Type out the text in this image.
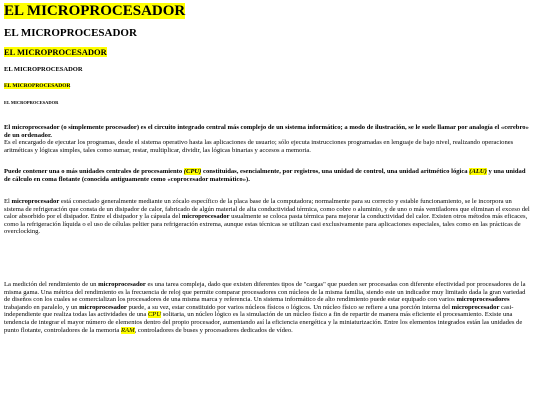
EL MICROPROCESADOR
EL MICROPROCESADOR
EL MICROPROCESADOR
EL MICROPROCESADOR
EL MICROPROCESADOR
EL MICROPROCESADOR

El microprocesador (o simplemente procesador) es el circuito integrado central más complejo de un sistema informático; a modo de ilustración, se le suele llamar por analogía el «cerebro» de un ordenador.
Es el encargado de ejecutar los programas, desde el sistema operativo hasta las aplicaciones de usuario; sólo ejecuta instrucciones programadas en lenguaje de bajo nivel, realizando operaciones aritméticas y lógicas simples, tales como sumar, restar, multiplicar, dividir, las lógicas binarias y accesos a memoria.

Puede contener una o más unidades centrales de procesamiento (CPU) constituidas, esencialmente, por registros, una unidad de control, una unidad aritmético lógica (ALU) y una unidad de cálculo en coma flotante (conocida antiguamente como «coprocesador matemático»).

El microprocesador está conectado generalmente mediante un zócalo específico de la placa base de la computadora; normalmente para su correcto y estable funcionamiento, se le incorpora un sistema de refrigeración que consta de un disipador de calor, fabricado de algún material de alta conductividad térmica, como cobre o aluminio, y de uno o más ventiladores que eliminan el exceso del calor absorbido por el disipador. Entre el disipador y la cápsula del microprocesador usualmente se coloca pasta térmica para mejorar la conductividad del calor. Existen otros métodos más eficaces, como la refrigeración líquida o el uso de células peltier para refrigeración extrema, aunque estas técnicas se utilizan casi exclusivamente para aplicaciones especiales, tales como en las prácticas de overclocking.

La medición del rendimiento de un microprocesador es una tarea compleja, dado que existen diferentes tipos de "cargas" que pueden ser procesadas con diferente efectividad por procesadores de la misma gama. Una métrica del rendimiento es la frecuencia de reloj que permite comparar procesadores con núcleos de la misma familia, siendo este un indicador muy limitado dada la gran variedad de diseños con los cuales se comercializan los procesadores de una misma marca y referencia. Un sistema informático de alto rendimiento puede estar equipado con varios microprocesadores trabajando en paralelo, y un microprocesador puede, a su vez, estar constituido por varios núcleos físicos o lógicos. Un núcleo físico se refiere a una porción interna del microprocesador casi-independiente que realiza todas las actividades de una CPU solitaria, un núcleo lógico es la simulación de un núcleo físico a fin de repartir de manera más eficiente el procesamiento. Existe una tendencia de integrar el mayor número de elementos dentro del propio procesador, aumentando así la eficiencia energética y la miniaturización. Entre los elementos integrados están las unidades de punto flotante, controladores de la memoria RAM, controladores de buses y procesadores dedicados de vídeo.
